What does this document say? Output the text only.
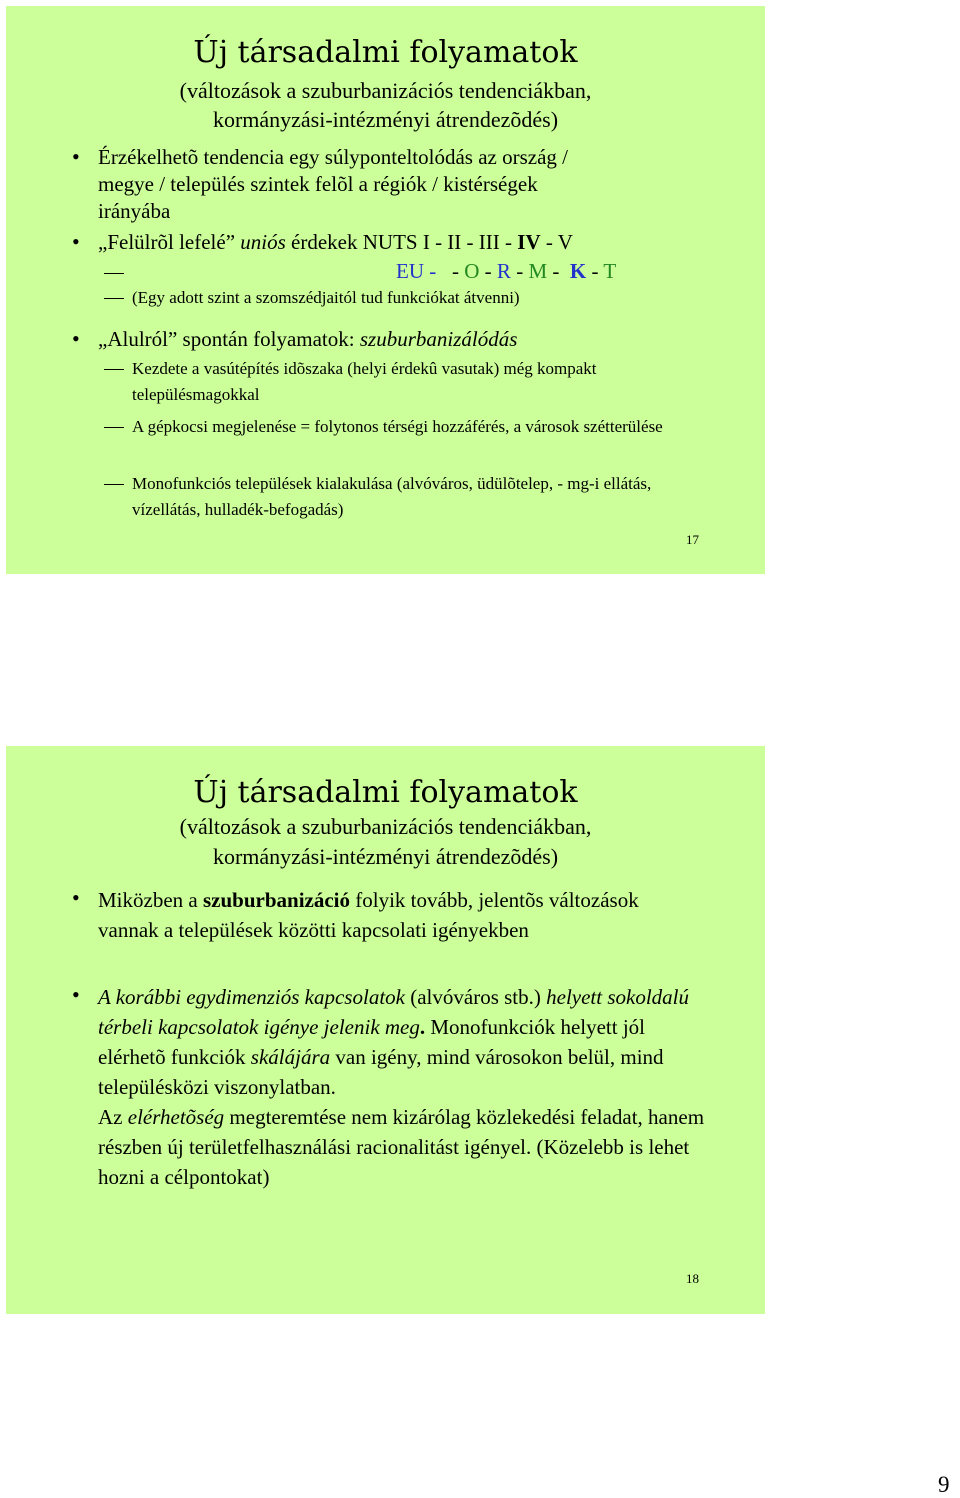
Új társadalmi folyamatok
(változások a szuburbanizációs tendenciákban,
kormányzási-intézményi átrendezõdés)
• Érzékelhetõ tendencia egy súlyponteltolódás az ország / megye / település szintek felõl a régiók / kistérségek irányába
• „Felülrõl lefelé” uniós érdekek NUTS I - II - III - IV - V
EU - - O - R - M - K - T
(Egy adott szint a szomszédjaitól tud funkciókat átvenni)
• „Alulról” spontán folyamatok: szuburbanizálódás
Kezdete a vasútépítés idõszaka (helyi érdekû vasutak) még kompakt településmagokkal
A gépkocsi megjelenése = folytonos térségi hozzáférés, a városok szétterülése
Monofunkciós települések kialakulása (alvóváros, üdülõtelep, - mg-i ellátás, vízellátás, hulladék-befogadás)
17
Új társadalmi folyamatok
(változások a szuburbanizációs tendenciákban,
kormányzási-intézményi átrendezõdés)
• Miközben a szuburbanizáció folyik tovább, jelentõs változások vannak a települések közötti kapcsolati igényekben
• A korábbi egydimenziós kapcsolatok (alvóváros stb.) helyett sokoldalú térbeli kapcsolatok igénye jelenik meg. Monofunkciók helyett jól elérhetõ funkciók skálájára van igény, mind városokon belül, mind településközi viszonylatban.
Az elérhetõség megteremtése nem kizárólag közlekedési feladat, hanem részben új területfelhasználási racionalitást igényel. (Közelebb is lehet hozni a célpontokat)
18
9
